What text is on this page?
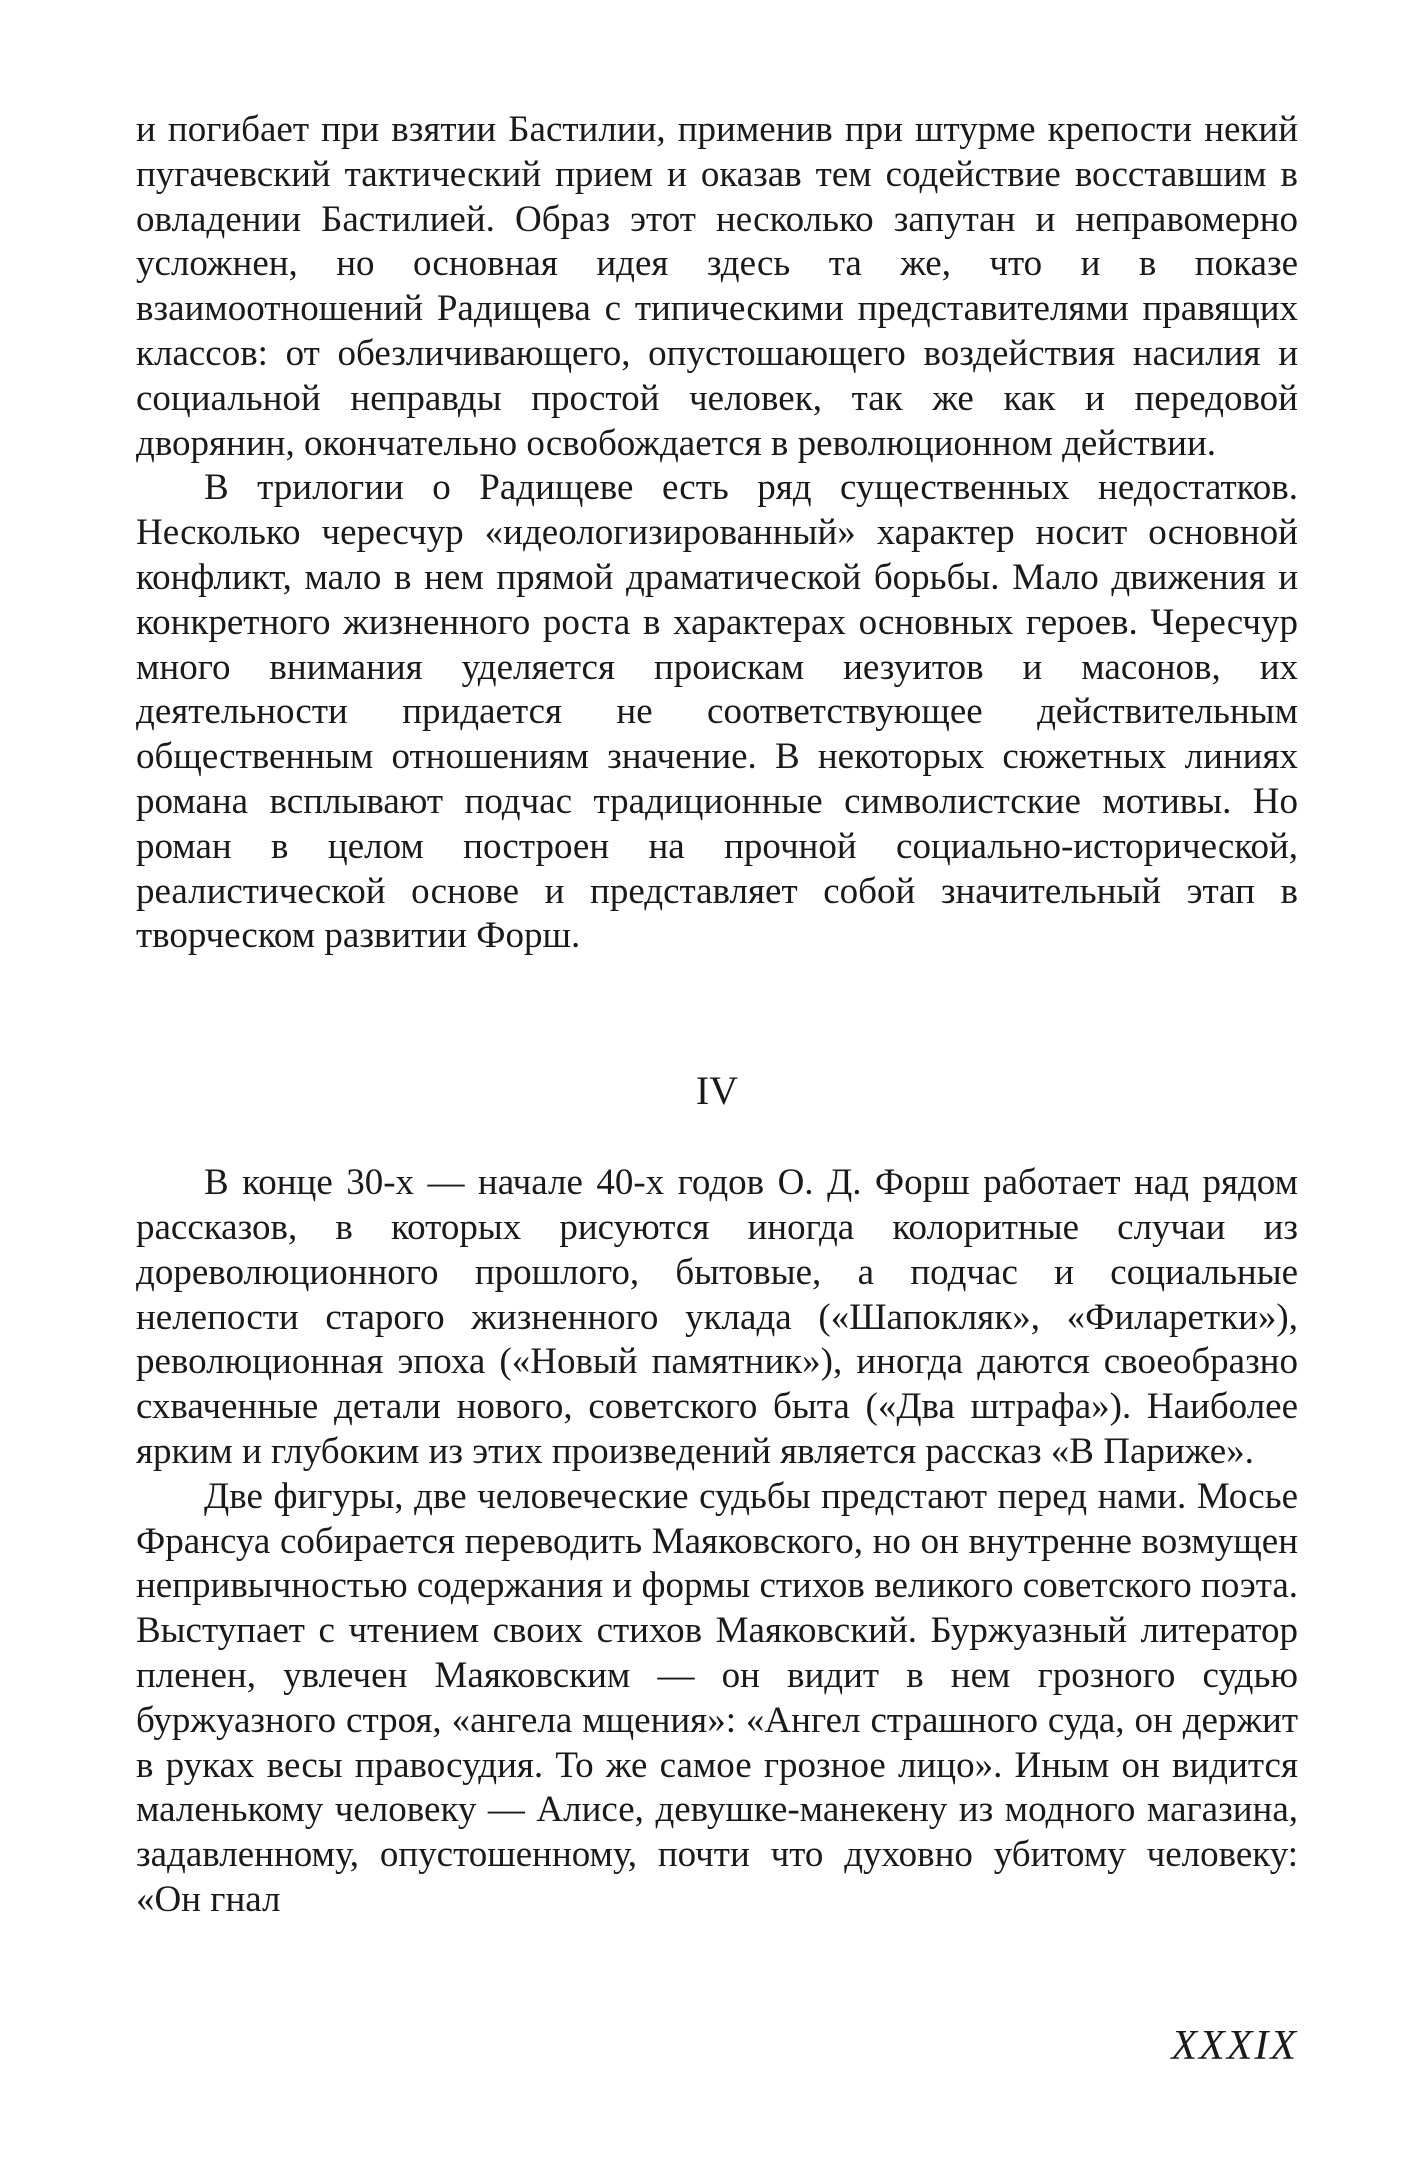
и погибает при взятии Бастилии, применив при штурме крепости некий пугачевский тактический прием и оказав тем содействие восставшим в овладении Бастилией. Образ этот несколько запутан и неправомерно усложнен, но основная идея здесь та же, что и в показе взаимоотношений Радищева с типическими представителями правящих классов: от обезличивающего, опустошающего воздействия насилия и социальной неправды простой человек, так же как и передовой дворянин, окончательно освобождается в революционном действии.

В трилогии о Радищеве есть ряд существенных недостатков. Несколько чересчур «идеологизированный» характер носит основной конфликт, мало в нем прямой драматической борьбы. Мало движения и конкретного жизненного роста в характерах основных героев. Чересчур много внимания уделяется проискам иезуитов и масонов, их деятельности придается не соответствующее действительным общественным отношениям значение. В некоторых сюжетных линиях романа всплывают подчас традиционные символистские мотивы. Но роман в целом построен на прочной социально-исторической, реалистической основе и представляет собой значительный этап в творческом развитии Форш.

IV

В конце 30-х — начале 40-х годов О. Д. Форш работает над рядом рассказов, в которых рисуются иногда колоритные случаи из дореволюционного прошлого, бытовые, а подчас и социальные нелепости старого жизненного уклада («Шапокляк», «Филаретки»), революционная эпоха («Новый памятник»), иногда даются своеобразно схваченные детали нового, советского быта («Два штрафа»). Наиболее ярким и глубоким из этих произведений является рассказ «В Париже».

Две фигуры, две человеческие судьбы предстают перед нами. Мосье Франсуа собирается переводить Маяковского, но он внутренне возмущен непривычностью содержания и формы стихов великого советского поэта. Выступает с чтением своих стихов Маяковский. Буржуазный литератор пленен, увлечен Маяковским — он видит в нем грозного судью буржуазного строя, «ангела мщения»: «Ангел страшного суда, он держит в руках весы правосудия. То же самое грозное лицо». Иным он видится маленькому человеку — Алисе, девушке-манекену из модного магазина, задавленному, опустошенному, почти что духовно убитому человеку: «Он гнал

XXXIX
